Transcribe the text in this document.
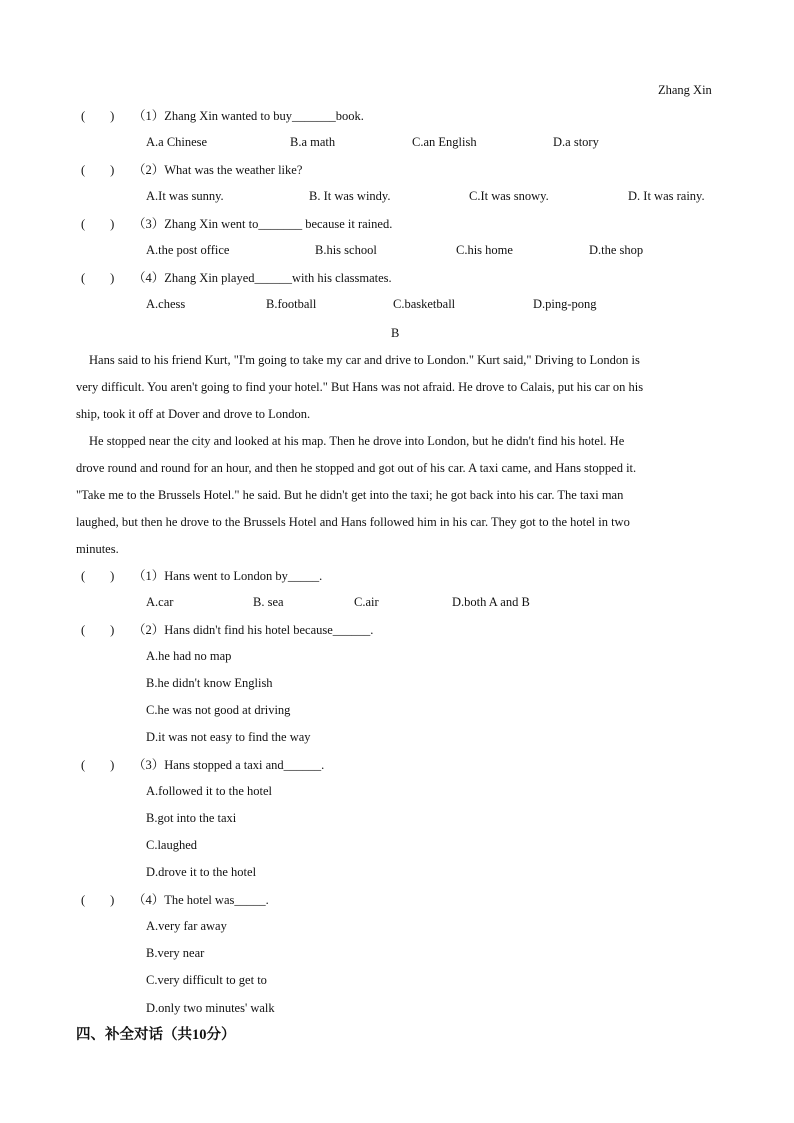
Zhang Xin
(　　) （1）Zhang Xin wanted to buy_______book.
A.a Chinese	B.a math	C.an English	D.a story
(　　) （2）What was the weather like?
A.It was sunny.	B. It was windy.	C.It was snowy.	D. It was rainy.
(　　) （3）Zhang Xin went to_______ because it rained.
A.the post office	B.his school	C.his home	D.the shop
(　　) （4）Zhang Xin played______with his classmates.
A.chess	B.football	C.basketball	D.ping-pong
B
Hans said to his friend Kurt, "I'm going to take my car and drive to London." Kurt said," Driving to London is
very difficult. You aren't going to find your hotel." But Hans was not afraid. He drove to Calais, put his car on his
ship, took it off at Dover and drove to London.
He stopped near the city and looked at his map. Then he drove into London, but he didn't find his hotel. He
drove round and round for an hour, and then he stopped and got out of his car. A taxi came, and Hans stopped it.
"Take me to the Brussels Hotel." he said. But he didn't get into the taxi; he got back into his car. The taxi man
laughed, but then he drove to the Brussels Hotel and Hans followed him in his car. They got to the hotel in two
minutes.
(　　) （1）Hans went to London by_____.
A.car	B. sea	C.air	D.both A and B
(　　) （2）Hans didn't find his hotel because______.
A.he had no map
B.he didn't know English
C.he was not good at driving
D.it was not easy to find the way
(　　) （3）Hans stopped a taxi and______.
A.followed it to the hotel
B.got into the taxi
C.laughed
D.drove it to the hotel
(　　) （4）The hotel was_____.
A.very far away
B.very near
C.very difficult to get to
D.only two minutes' walk
四、补全对话（共10分）
